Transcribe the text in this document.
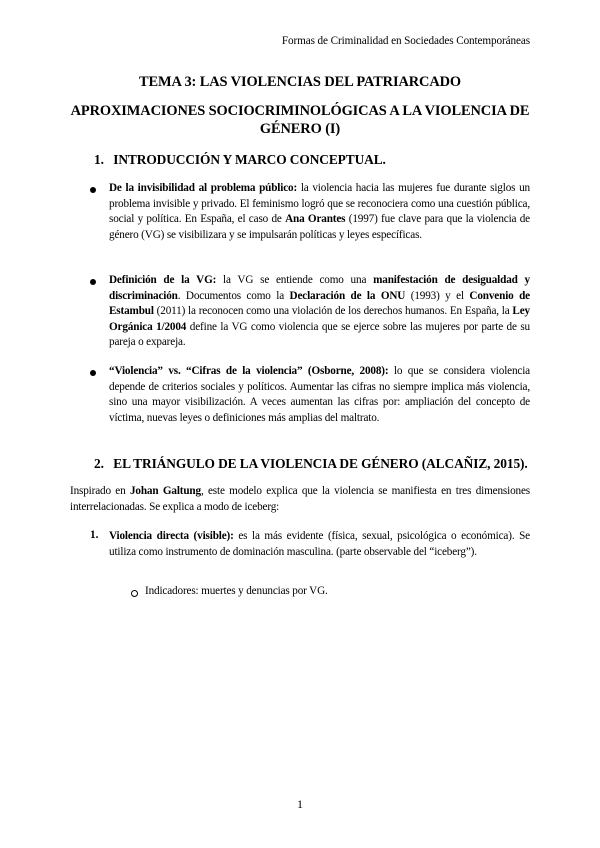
Formas de Criminalidad en Sociedades Contemporáneas
TEMA 3: LAS VIOLENCIAS DEL PATRIARCADO
APROXIMACIONES SOCIOCRIMINOLÓGICAS A LA VIOLENCIA DE GÉNERO (I)
1. INTRODUCCIÓN Y MARCO CONCEPTUAL.
De la invisibilidad al problema público: la violencia hacia las mujeres fue durante siglos un problema invisible y privado. El feminismo logró que se reconociera como una cuestión pública, social y política. En España, el caso de Ana Orantes (1997) fue clave para que la violencia de género (VG) se visibilizara y se impulsarán políticas y leyes específicas.
Definición de la VG: la VG se entiende como una manifestación de desigualdad y discriminación. Documentos como la Declaración de la ONU (1993) y el Convenio de Estambul (2011) la reconocen como una violación de los derechos humanos. En España, la Ley Orgánica 1/2004 define la VG como violencia que se ejerce sobre las mujeres por parte de su pareja o expareja.
“Violencia” vs. “Cifras de la violencia” (Osborne, 2008): lo que se considera violencia depende de criterios sociales y políticos. Aumentar las cifras no siempre implica más violencia, sino una mayor visibilización. A veces aumentan las cifras por: ampliación del concepto de víctima, nuevas leyes o definiciones más amplias del maltrato.
2. EL TRIÁNGULO DE LA VIOLENCIA DE GÉNERO (ALCAÑIZ, 2015).
Inspirado en Johan Galtung, este modelo explica que la violencia se manifiesta en tres dimensiones interrelacionadas. Se explica a modo de iceberg:
1. Violencia directa (visible): es la más evidente (física, sexual, psicológica o económica). Se utiliza como instrumento de dominación masculina. (parte observable del “iceberg”).
Indicadores: muertes y denuncias por VG.
1
